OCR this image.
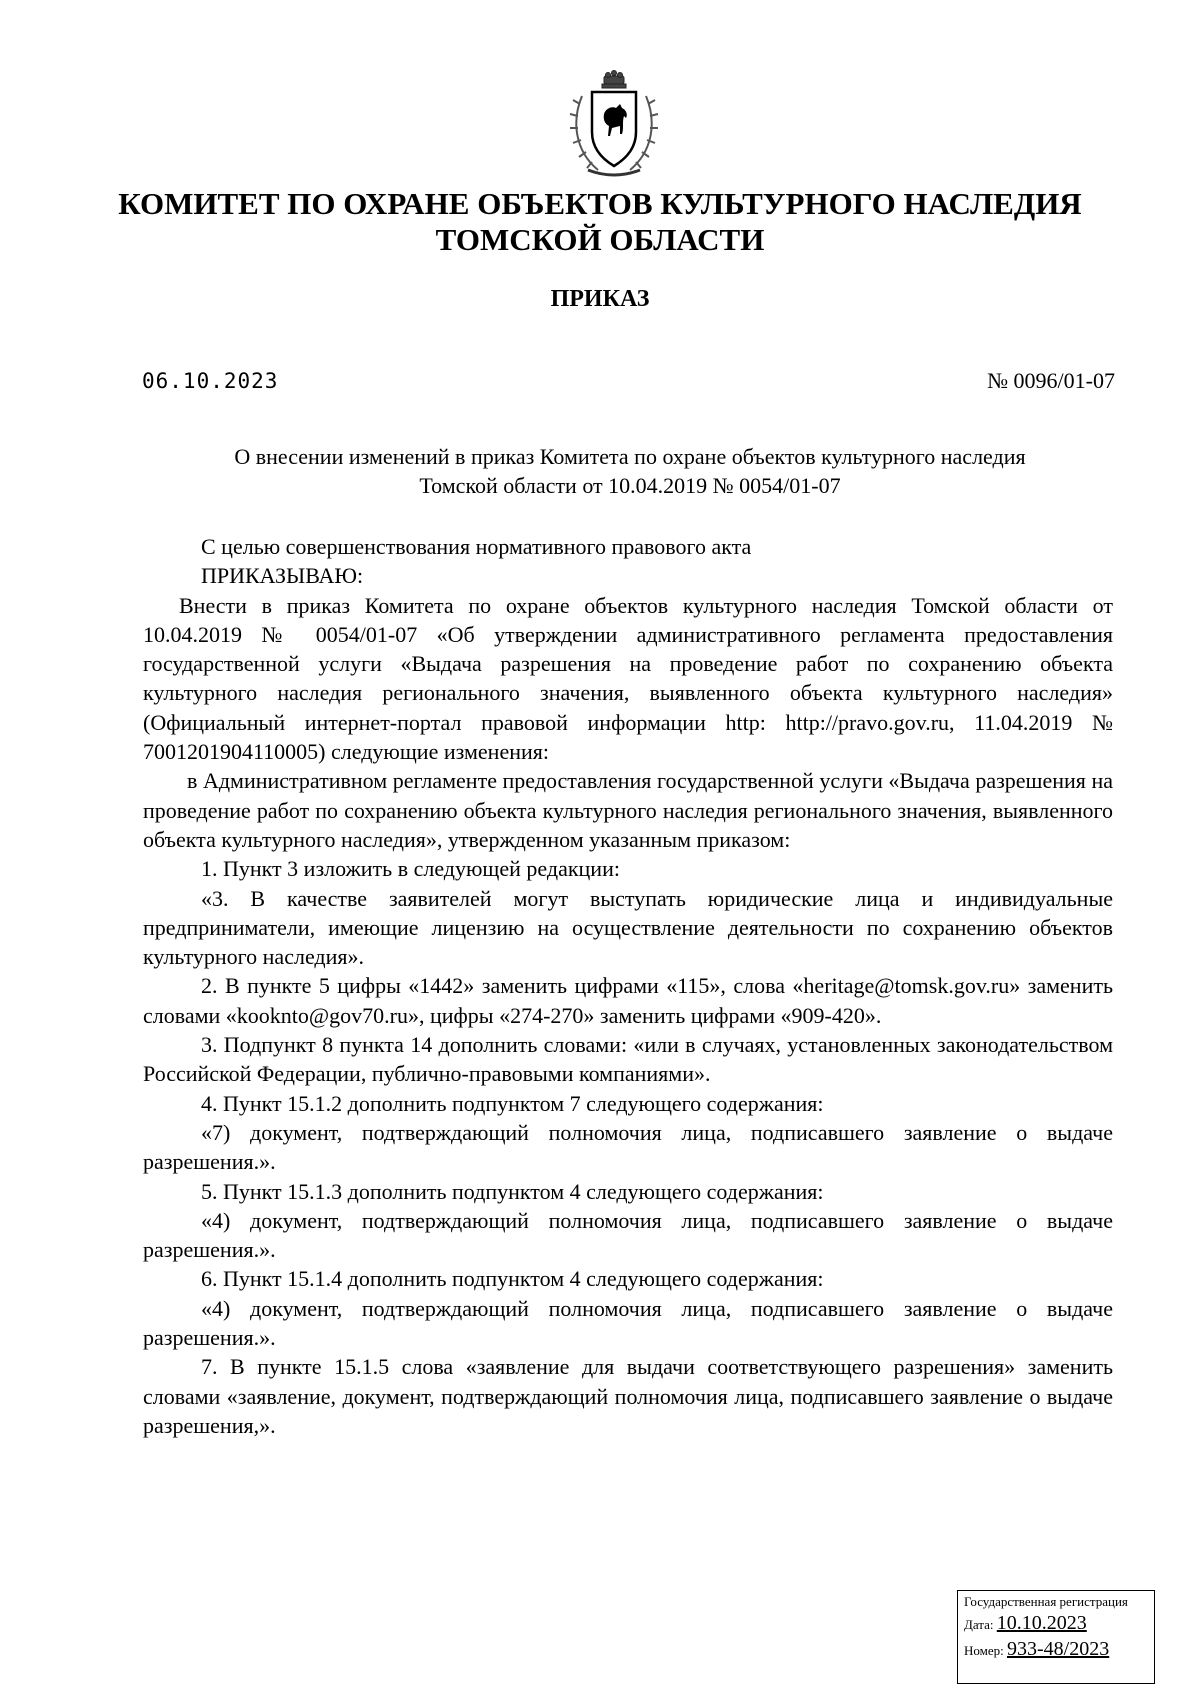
КОМИТЕТ ПО ОХРАНЕ ОБЪЕКТОВ КУЛЬТУРНОГО НАСЛЕДИЯ
ТОМСКОЙ ОБЛАСТИ
ПРИКАЗ
06.10.2023	№ 0096/01-07
О внесении изменений в приказ Комитета по охране объектов культурного наследия
Томской области от 10.04.2019 № 0054/01-07

С целью совершенствования нормативного правового акта

ПРИКАЗЫВАЮ:

Внести в приказ Комитета по охране объектов культурного наследия Томской области от 10.04.2019 № 0054/01-07 «Об утверждении административного регламента предоставления государственной услуги «Выдача разрешения на проведение работ по сохранению объекта культурного наследия регионального значения, выявленного объекта культурного наследия» (Официальный интернет-портал правовой информации http: http://pravo.gov.ru, 11.04.2019 № 7001201904110005) следующие изменения:

в Административном регламенте предоставления государственной услуги «Выдача разрешения на проведение работ по сохранению объекта культурного наследия регионального значения, выявленного объекта культурного наследия», утвержденном указанным приказом:

1. Пункт 3 изложить в следующей редакции:

«3. В качестве заявителей могут выступать юридические лица и индивидуальные предприниматели, имеющие лицензию на осуществление деятельности по сохранению объектов культурного наследия».

2. В пункте 5 цифры «1442» заменить цифрами «115», слова «heritage@tomsk.gov.ru» заменить словами «kooknto@gov70.ru», цифры «274-270» заменить цифрами «909-420».

3. Подпункт 8 пункта 14 дополнить словами: «или в случаях, установленных законодательством Российской Федерации, публично-правовыми компаниями».

4. Пункт 15.1.2 дополнить подпунктом 7 следующего содержания:

«7) документ, подтверждающий полномочия лица, подписавшего заявление о выдаче разрешения.».

5. Пункт 15.1.3 дополнить подпунктом 4 следующего содержания:

«4) документ, подтверждающий полномочия лица, подписавшего заявление о выдаче разрешения.».

6. Пункт 15.1.4 дополнить подпунктом 4 следующего содержания:

«4) документ, подтверждающий полномочия лица, подписавшего заявление о выдаче разрешения.».

7. В пункте 15.1.5 слова «заявление для выдачи соответствующего разрешения» заменить словами «заявление, документ, подтверждающий полномочия лица, подписавшего заявление о выдаче разрешения,».

Государственная регистрация
Дата: 10.10.2023
Номер: 933-48/2023
